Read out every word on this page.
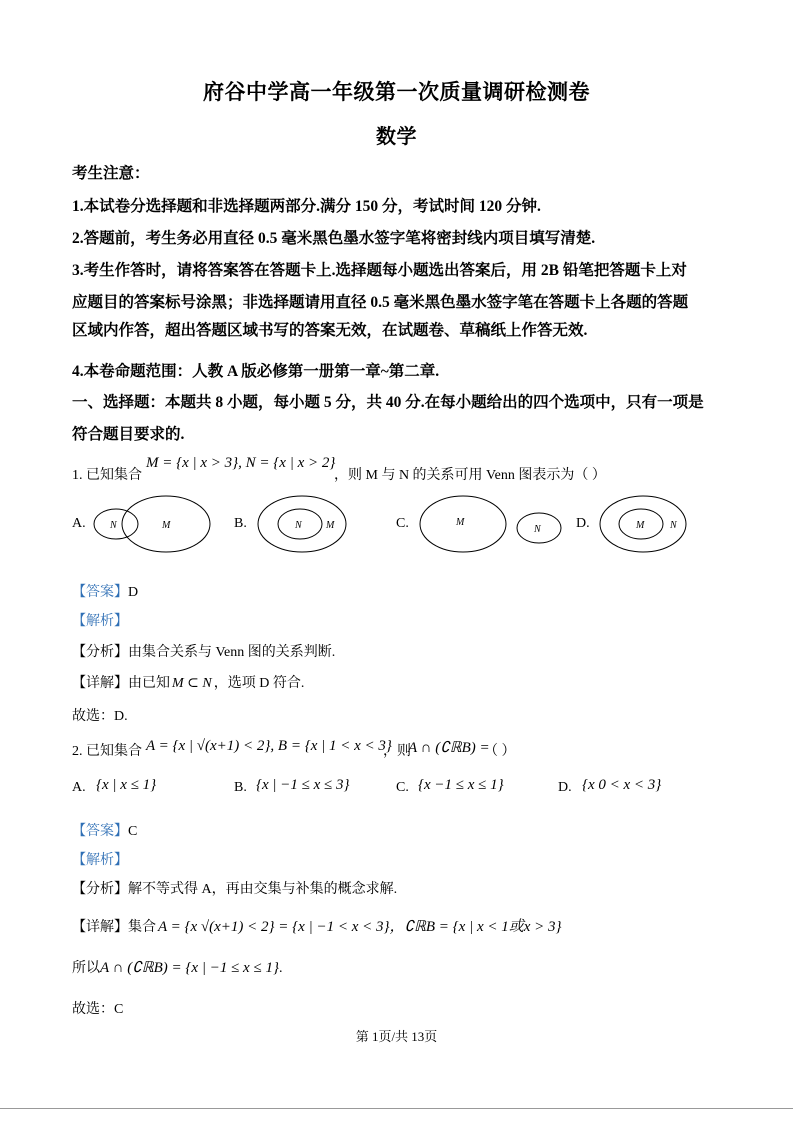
府谷中学高一年级第一次质量调研检测卷
数学
考生注意：
1.本试卷分选择题和非选择题两部分.满分 150 分，考试时间 120 分钟.
2.答题前，考生务必用直径 0.5 毫米黑色墨水签字笔将密封线内项目填写清楚.
3.考生作答时，请将答案答在答题卡上.选择题每小题选出答案后，用 2B 铅笔把答题卡上对
应题目的答案标号涂黑；非选择题请用直径 0.5 毫米黑色墨水签字笔在答题卡上各题的答题
区域内作答，超出答题区域书写的答案无效，在试题卷、草稿纸上作答无效.
4.本卷命题范围：人教 A 版必修第一册第一章~第二章.
一、选择题：本题共 8 小题，每小题 5 分，共 40 分.在每小题给出的四个选项中，只有一项是
符合题目要求的.
1. 已知集合
M = {x | x > 3}, N = {x | x > 2}
，则 M 与 N 的关系可用 Venn 图表示为（ ）
A. N	M	B.	N M	C.	M
N	D.	M	N
【答案】D
【解析】
【分析】由集合关系与 Venn 图的关系判断.
【详解】由已知 M ⊂ N ，选项 D 符合.
故选：D.
2. 已知集合 A = {x | √(x+1) < 2}, B = {x | 1 < x < 3}
，则
A ∩ (∁ℝB) =
（ ）
A. {x | x ≤ 1}	B. {x | −1 ≤ x ≤ 3}	C. {x −1 ≤ x ≤ 1}	D. {x 0 < x < 3}
【答案】C
【解析】
【分析】解不等式得 A，再由交集与补集的概念求解.
【详解】集合 A = {x √(x+1) < 2} = {x | −1 < x < 3}，∁ℝB = {x | x < 1或x > 3}
所以A ∩ (∁ℝB) = {x | −1 ≤ x ≤ 1}.
故选：C
第 1页/共 13页
